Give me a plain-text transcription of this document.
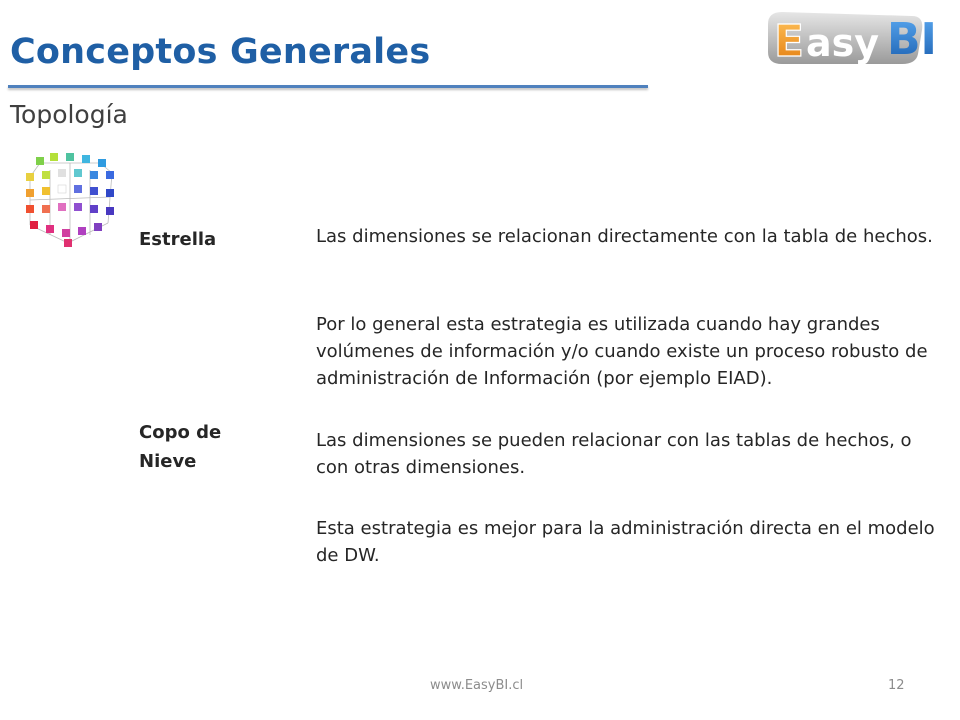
Conceptos Generales
Topología
E asy BI
Estrella	Las dimensiones se relacionan directamente con la tabla de hechos.
Por lo general esta estrategia es utilizada cuando hay grandes volúmenes de información y/o cuando existe un proceso robusto de administración de Información (por ejemplo EIAD).
Copo de Nieve
Las dimensiones se pueden relacionar con las tablas de hechos, o con otras dimensiones.
Esta estrategia es mejor para la administración directa en el modelo de DW.
www.EasyBI.cl	12
